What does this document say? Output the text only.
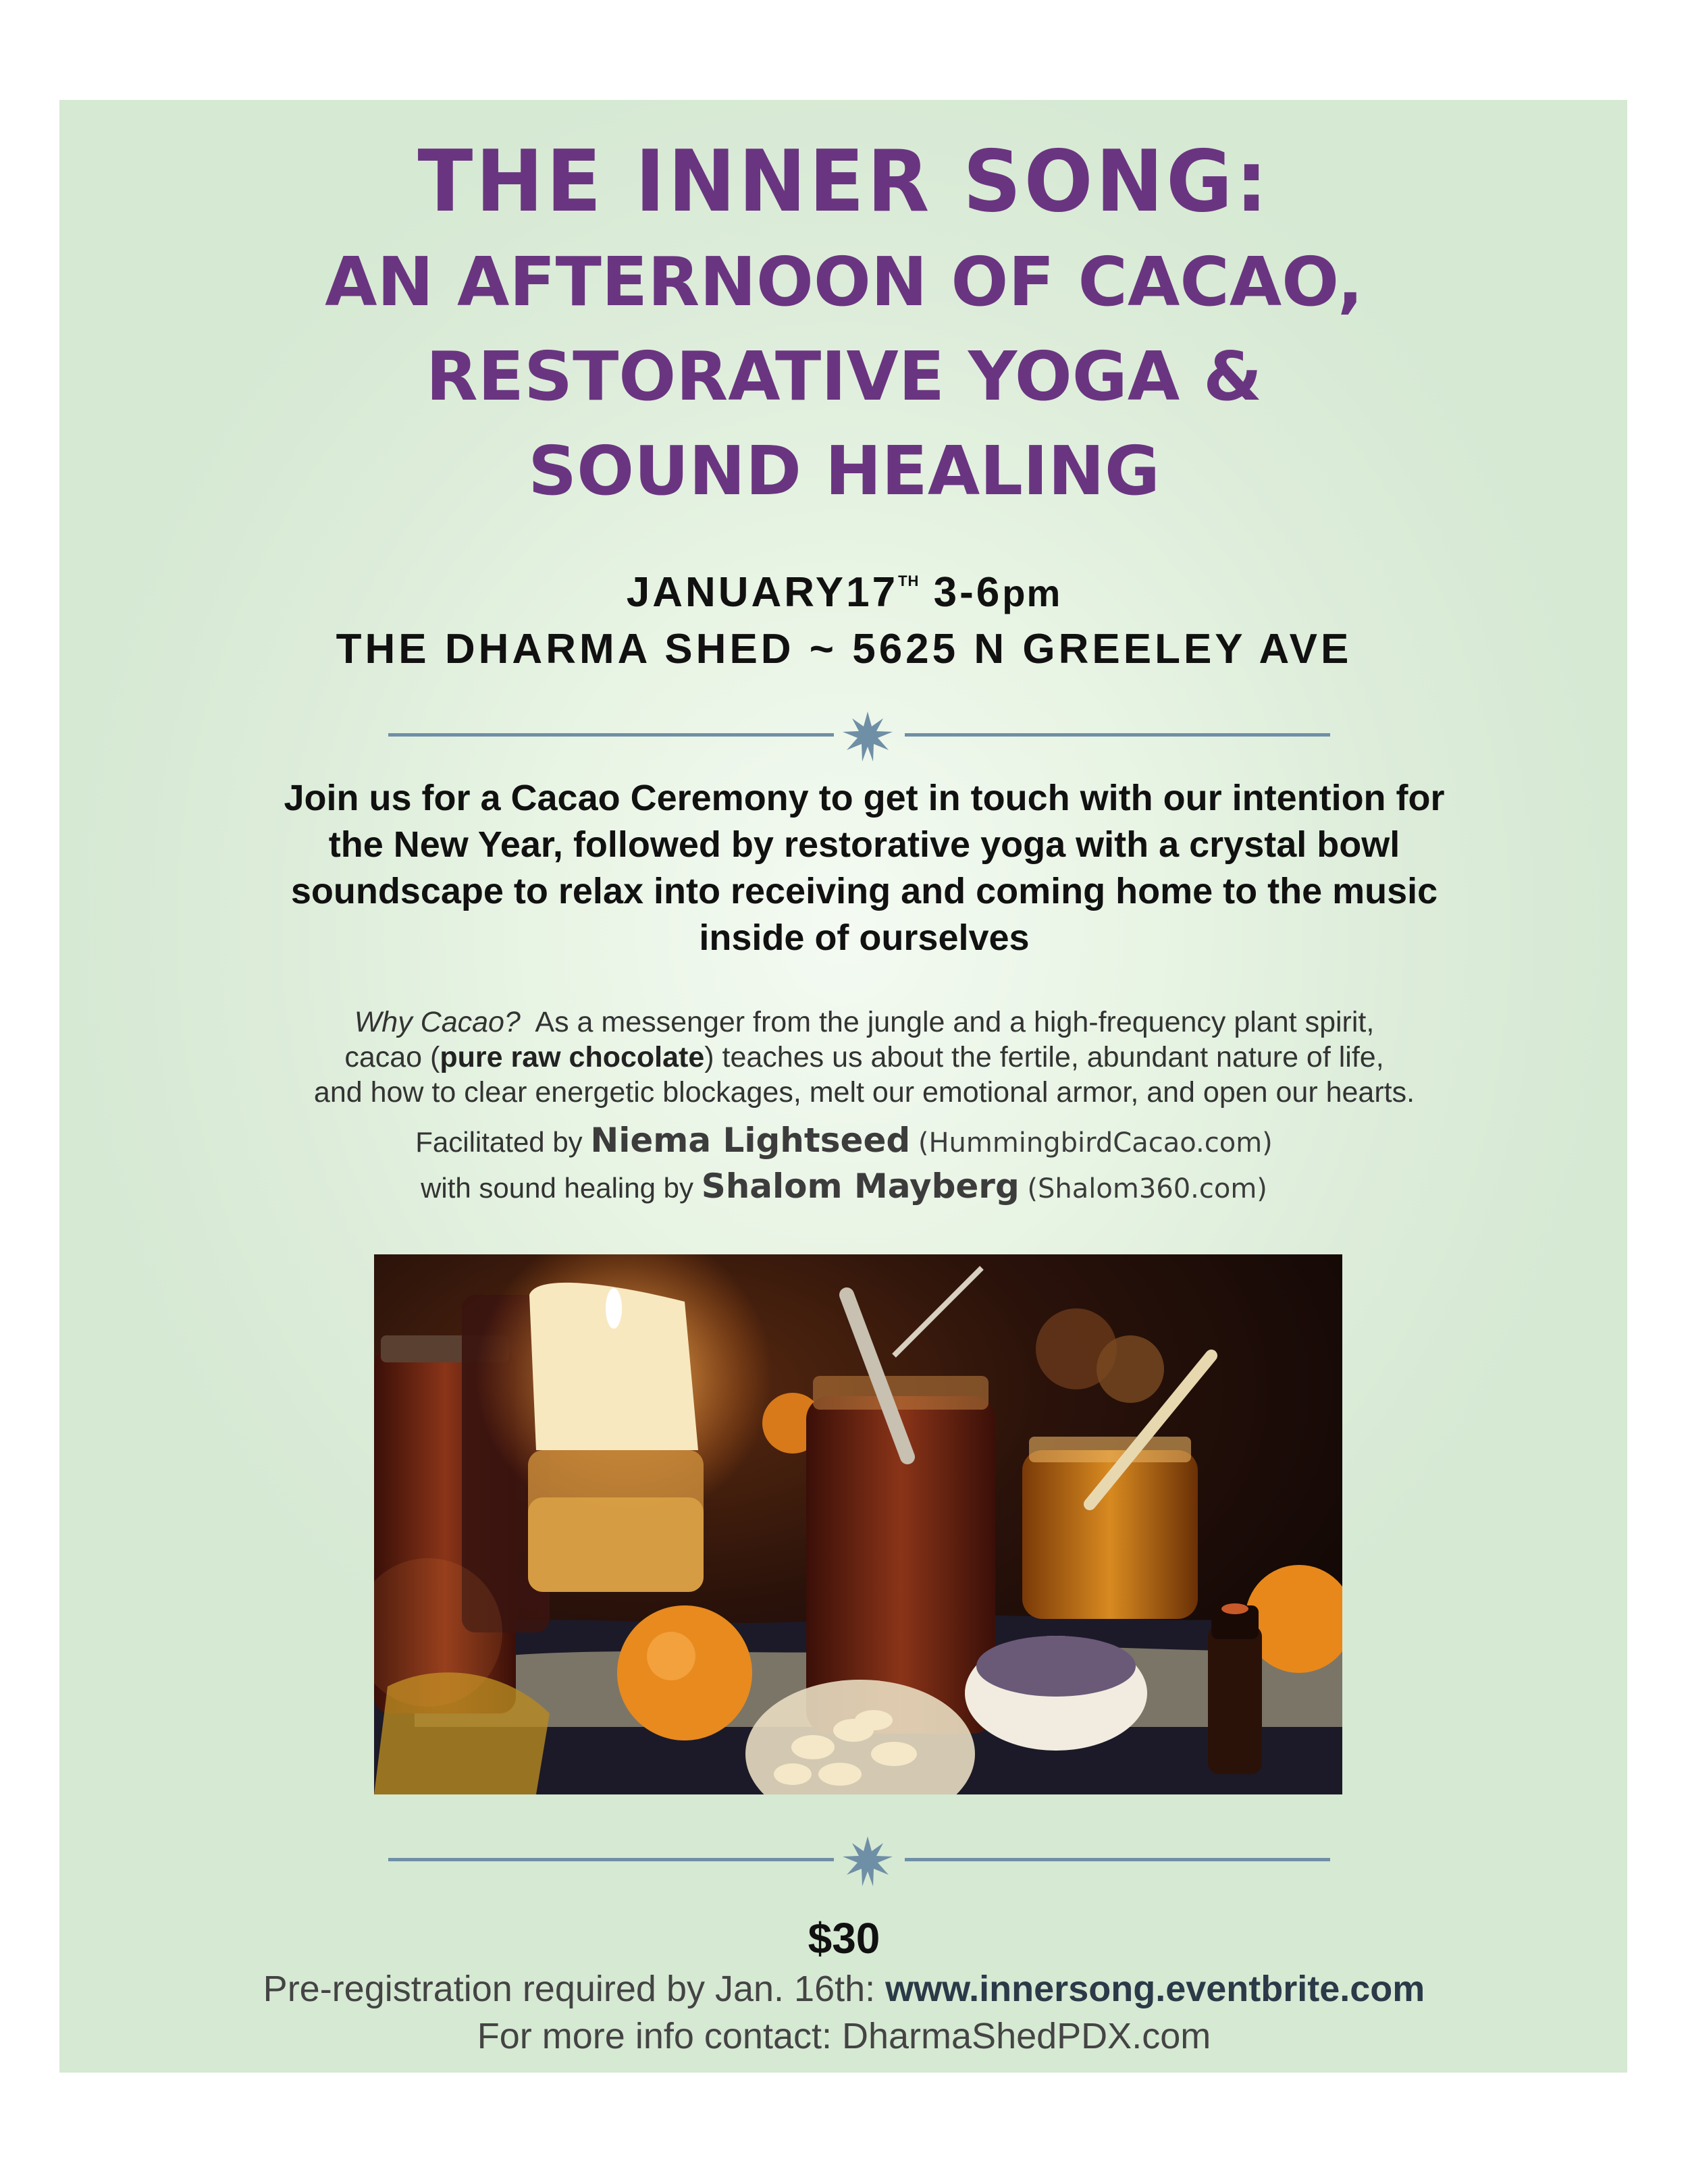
THE INNER SONG:
AN AFTERNOON OF CACAO,
RESTORATIVE YOGA &
SOUND HEALING
JANUARY17TH 3-6pm
THE DHARMA SHED ~ 5625 N GREELEY AVE
Join us for a Cacao Ceremony to get in touch with our intention for
the New Year, followed by restorative yoga with a crystal bowl
soundscape to relax into receiving and coming home to the music
inside of ourselves
Why Cacao? As a messenger from the jungle and a high-frequency plant spirit,
cacao (pure raw chocolate) teaches us about the fertile, abundant nature of life,
and how to clear energetic blockages, melt our emotional armor, and open our hearts.
Facilitated by Niema Lightseed (HummingbirdCacao.com)
with sound healing by Shalom Mayberg (Shalom360.com)
$30
Pre-registration required by Jan. 16th: www.innersong.eventbrite.com
For more info contact: DharmaShedPDX.com
